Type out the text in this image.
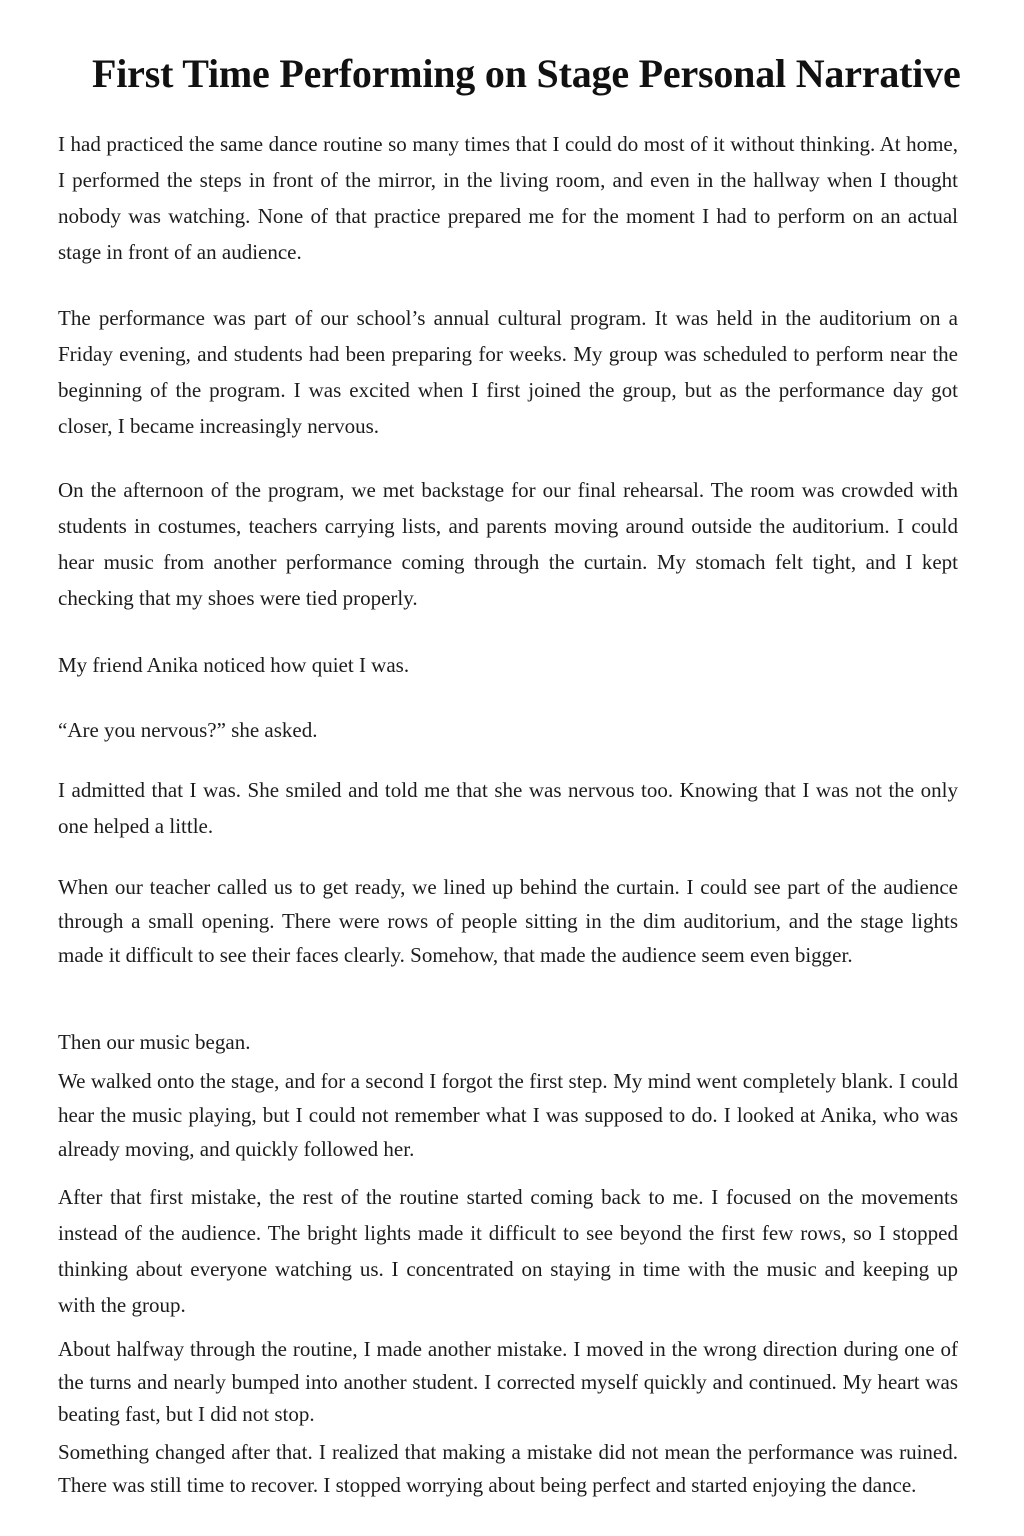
First Time Performing on Stage Personal Narrative

I had practiced the same dance routine so many times that I could do most of it without thinking. At home, I performed the steps in front of the mirror, in the living room, and even in the hallway when I thought nobody was watching. None of that practice prepared me for the moment I had to perform on an actual stage in front of an audience.

The performance was part of our school’s annual cultural program. It was held in the auditorium on a Friday evening, and students had been preparing for weeks. My group was scheduled to perform near the beginning of the program. I was excited when I first joined the group, but as the performance day got closer, I became increasingly nervous.

On the afternoon of the program, we met backstage for our final rehearsal. The room was crowded with students in costumes, teachers carrying lists, and parents moving around outside the auditorium. I could hear music from another performance coming through the curtain. My stomach felt tight, and I kept checking that my shoes were tied properly.

My friend Anika noticed how quiet I was.

“Are you nervous?” she asked.

I admitted that I was. She smiled and told me that she was nervous too. Knowing that I was not the only one helped a little.

When our teacher called us to get ready, we lined up behind the curtain. I could see part of the audience through a small opening. There were rows of people sitting in the dim auditorium, and the stage lights made it difficult to see their faces clearly. Somehow, that made the audience seem even bigger.

Then our music began.

We walked onto the stage, and for a second I forgot the first step. My mind went completely blank. I could hear the music playing, but I could not remember what I was supposed to do. I looked at Anika, who was already moving, and quickly followed her.

After that first mistake, the rest of the routine started coming back to me. I focused on the movements instead of the audience. The bright lights made it difficult to see beyond the first few rows, so I stopped thinking about everyone watching us. I concentrated on staying in time with the music and keeping up with the group.

About halfway through the routine, I made another mistake. I moved in the wrong direction during one of the turns and nearly bumped into another student. I corrected myself quickly and continued. My heart was beating fast, but I did not stop.

Something changed after that. I realized that making a mistake did not mean the performance was ruined. There was still time to recover. I stopped worrying about being perfect and started enjoying the dance.
